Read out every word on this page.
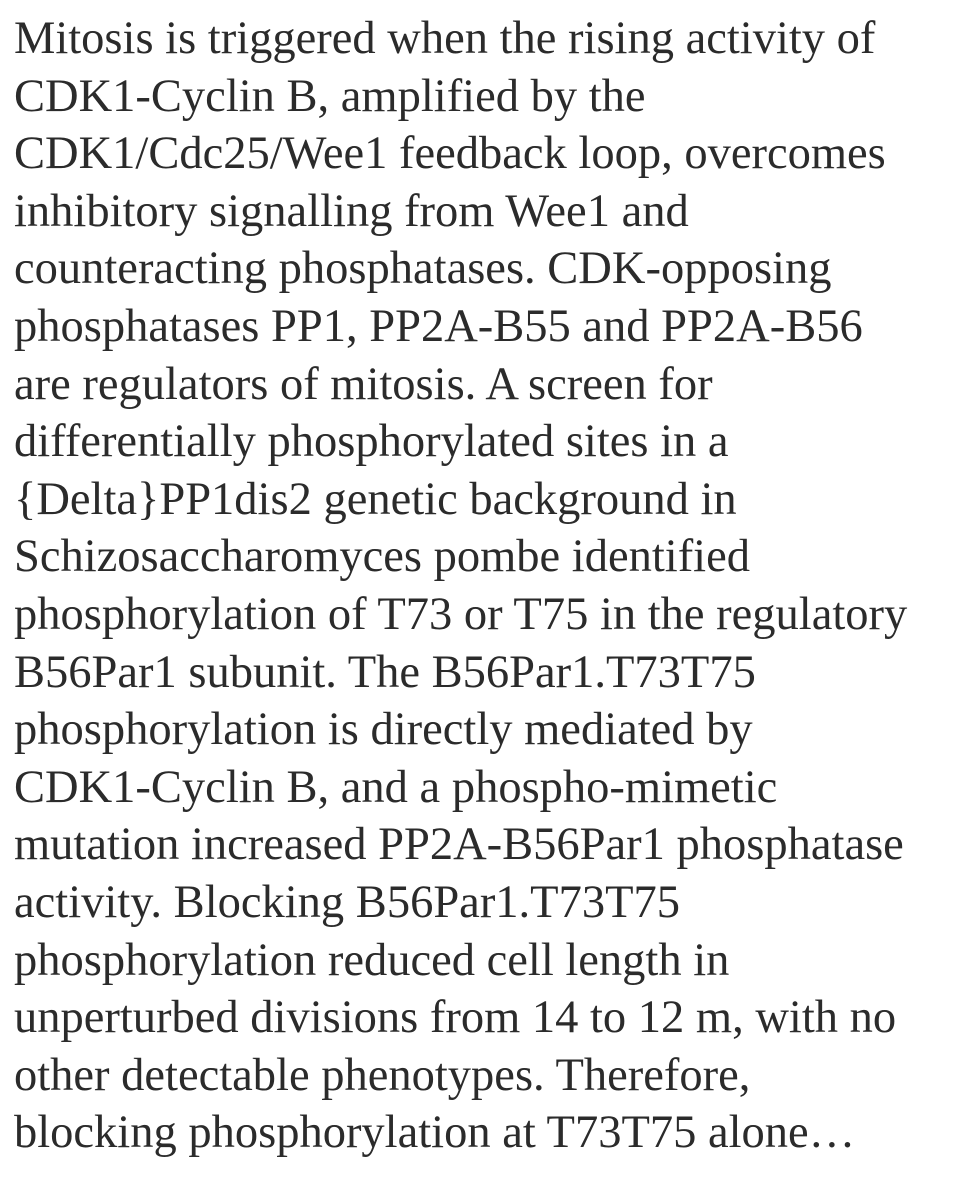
Mitosis is triggered when the rising activity of
CDK1-Cyclin B, amplified by the
CDK1/Cdc25/Wee1 feedback loop, overcomes
inhibitory signalling from Wee1 and
counteracting phosphatases. CDK-opposing
phosphatases PP1, PP2A-B55 and PP2A-B56
are regulators of mitosis. A screen for
differentially phosphorylated sites in a
{Delta}PP1dis2 genetic background in
Schizosaccharomyces pombe identified
phosphorylation of T73 or T75 in the regulatory
B56Par1 subunit. The B56Par1.T73T75
phosphorylation is directly mediated by
CDK1-Cyclin B, and a phospho-mimetic
mutation increased PP2A-B56Par1 phosphatase
activity. Blocking B56Par1.T73T75
phosphorylation reduced cell length in
unperturbed divisions from 14 to 12 m, with no
other detectable phenotypes. Therefore,
blocking phosphorylation at T73T75 alone…
